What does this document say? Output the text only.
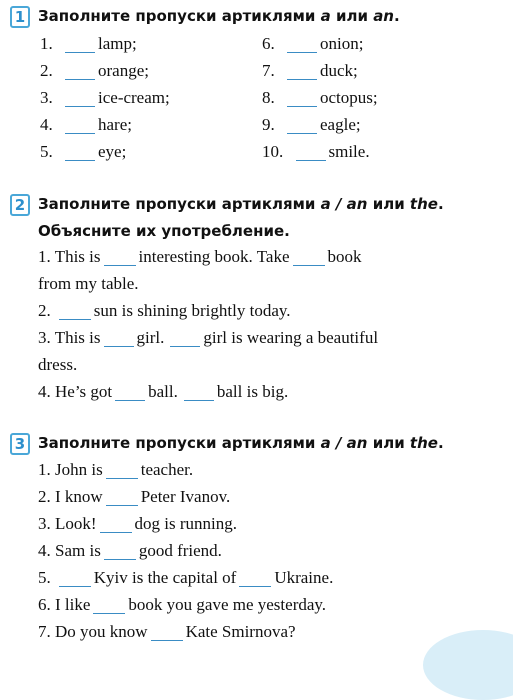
1 Заполните пропуски артиклями a или an.
1.	lamp;
2.	orange;
3.	ice-cream;
4.	hare;
5.	eye;
6.	onion;
7.	duck;
8.	octopus;
9.	eagle;
10.	smile.
2 Заполните пропуски артиклями a / an или the.
Объясните их употребление.
1. This is interesting book. Take book
from my table.
2.	sun is shining brightly today.
3. This is girl. girl is wearing a beautiful
dress.
4. He’s got ball. ball is big.
3 Заполните пропуски артиклями a / an или the.
1. John is teacher.
2. I know Peter Ivanov.
3. Look! dog is running.
4. Sam is good friend.
5.	Kyiv is the capital of Ukraine.
6. I like book you gave me yesterday.
7. Do you know Kate Smirnova?
